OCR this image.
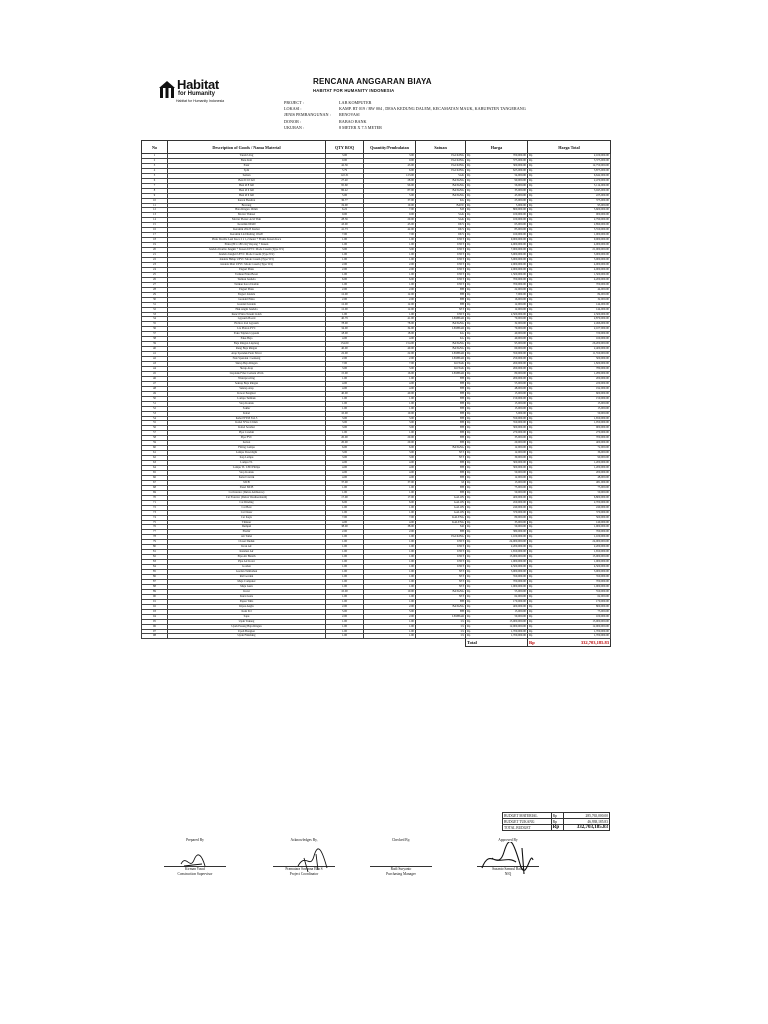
Habitat
for Humanity
Habitat for Humanity Indonesia
RENCANA ANGGARAN BIAYA
HABITAT FOR HUMANITY INDONESIA
PROJECT :	LAB KOMPUTER
LOKASI :	KAMP. RT 019 / RW 004 , DESA KEDUNG DALEM, KECAMATAN MAUK, KABUPATEN TANGERANG
JENIS PEMBANGUNAN :	RENOVASI
DONOR :	RABAO BANK
UKURAN :	8 METER X 7.5 METER
No	Description of Goods / Nama Material	QTY BOQ	Quantity/Pembulatan	Satuan	Harga	Harga Total
1	Tanah Urug	3.00	3.00	PACKING	Rp 700,000.00	Rp 2,100,000.00
2	Batu Kali	9.00	9.00	PACKING	Rp 375,000.00	Rp 3,375,000.00
3	Pasir	42.56	43.00	PACKING	Rp 300,000.00	Rp 12,750,000.00
4	Split	5.79	6.00	PACKING	Rp 625,000.00	Rp 3,875,000.00
5	Semen	122.31	123.00	SAK	Rp 54,000.00	Rp 6,642,000.00
6	Besi D 10 full	27.40	28.00	BATANG	Rp 90,000.00	Rp 2,470,000.00
7	Besi Ø 8 full	95.60	96.00	BATANG	Rp 56,000.00	Rp 5,114,000.00
8	Besi Ø 6 full	86.42	87.00	BATANG	Rp 35,000.00	Rp 3,045,000.00
9	Besi Ø 6 full	5.00	5.00	BATANG	Rp 45,000.00	Rp 225,000.00
10	Kawat Bendrat	36.77	37.00	KG	Rp 25,000.00	Rp 375,000.00
11	Bowang	19.00	19.00	BATU	Rp 5,000.00	Rp 95,000.00
12	Bata Ringan 10mm	6.22	7.00	M3	Rp 800,000.00	Rp 5,600,000.00
13	Mortar Thinset	9.00	9.00	SAK	Rp 100,000.00	Rp 900,000.00
14	Mortar Plester Acid Thin	28.56	29.00	SAK	Rp 100,000.00	Rp 2,790,000.00
15	Keramik 60x60	43.00	43.00	DUS	Rp 65,000.00	Rp 2,899,000.00
16	Keramik 20x25 Kamar	41.73	42.00	DUS	Rp 85,000.00	Rp 3,550,000.00
17	Keramik Lis Dinding 10x20	7.00	7.00	DUS	Rp 160,000.00	Rp 1,000,000.00
18	Pintu Double Leaf Kaca 2 x 1,2 meter + Frame Kusen Kaca	1.00	1.00	UNIT	Rp 9,000,000.00	Rp 9,000,000.00
19	Pintu (80 x 180 cm) Wayang + Kusen	1.00	1.00	UNIT	Rp 4,000,000.00	Rp 4,000,000.00
20	Jendela Double Jungkit + Kusen UPVC Mode Casem (Type W1)	3.00	3.00	UNIT	Rp 7,000,000.00	Rp 21,000,000.00
21	Jendela Jungkit UPVC Mode Casem (Type W2)	1.00	1.00	UNIT	Rp 3,000,000.00	Rp 3,000,000.00
22	Jendela Hidup UPVC Mode Casem (Type W3)	1.00	1.00	UNIT	Rp 3,000,000.00	Rp 3,000,000.00
23	Jendela Mati UPVC Mode Casem (Type W4)	2.00	2.00	UNIT	Rp 2,000,000.00	Rp 4,000,000.00
24	Engsel Pintu	2.00	2.00	UNIT	Rp 2,000,000.00	Rp 4,000,000.00
25	Tarikan Pintu Besar	1.00	1.00	UNIT	Rp 1,500,000.00	Rp 1,500,000.00
26	Tarikan Jendela	6.00	6.00	UNIT	Rp 700,000.00	Rp 4,200,000.00
27	Tarikan Kaca Double	1.00	1.00	UNIT	Rp 700,000.00	Rp 700,000.00
28	Engsel Pintu	2.00	2.00	BH	Rp 22,000.00	Rp 44,000.00
29	Engsel Jendela	12.00	12.00	BH	Rp 7,000.00	Rp 84,000.00
30	Grendel Pintu	2.00	2.00	BH	Rp 16,000.00	Rp 32,000.00
31	Grendel Jendela	12.00	12.00	BH	Rp 12,000.00	Rp 144,000.00
32	Hak Angin Jendela	12.00	12.00	SET	Rp 12,000.00	Rp 144,000.00
33	Kunci Pintu Tanam Lidah	1.00	1.00	UNIT	Rp 2,500,000.00	Rp 2,500,000.00
34	Gypsum Board	40.79	41.00	LEMBAR	Rp 70,000.00	Rp 2,870,000.00
35	Hollow 4x4 Gypsum	78.00	78.00	BATANG	Rp 32,000.00	Rp 2,496,000.00
36	Lis Plafon PVC	34.00	34.00	LEMBAR	Rp 70,000.00	Rp 2,107,000.00
37	Paku Triplek Gypsum	18.00	18.00	KG	Rp 40,000.00	Rp 720,000.00
38	Paku Baja	4.00	4.00	KG	Rp 40,000.00	Rp 160,000.00
39	Baja Ringan Lisplang	154.00	154.00	BATANG	Rp 95,000.00	Rp 26,200,000.00
40	Reng Baja Ringan	40.00	40.00	BATANG	Rp 60,000.00	Rp 2,400,000.00
41	Atap Spandek Pasir Silver	22.00	22.00	LEMBAR	Rp 350,000.00	Rp 11,550,000.00
42	Nok Spandek / Genteng	2.00	2.00	LEMBAR	Rp 250,000.00	Rp 500,000.00
43	Skrup Baja Ringan	7.00	7.00	KOTAK	Rp 260,000.00	Rp 1,820,000.00
44	Skrup Atap	3.00	3.00	KOTAK	Rp 260,000.00	Rp 780,000.00
45	Lisplank Fiber Cement 20cm	15.00	16.00	LEMBAR	Rp 80,000.00	Rp 1,280,000.00
46	Waterproofing	1.00	1.00	BH	Rp 200,000.00	Rp 200,000.00
47	Sekrup Baja Ringan	4.00	4.00	BH	Rp 55,000.00	Rp 220,000.00
48	Sekrup Atap	4.00	4.00	BH	Rp 48,000.00	Rp 192,000.00
49	Kawat Pengikat	40.00	40.00	BH	Rp 15,000.00	Rp 600,000.00
50	Lampu Tembak	1.00	1.00	BH	Rp 150,000.00	Rp 150,000.00
51	Stop Kontak	1.00	1.00	BH	Rp 15,000.00	Rp 15,000.00
52	Saklar	1.00	1.00	BH	Rp 15,000.00	Rp 15,000.00
53	Kabel	10.00	10.00	BH	Rp 5,000.00	Rp 50,000.00
54	Kabel NYM 3x2.5	3.00	3.00	BH	Rp 550,000.00	Rp 1,650,000.00
55	Kabel NYA 2.5mm	3.00	3.00	BH	Rp 350,000.00	Rp 1,050,000.00
56	Kabel Serabut	3.00	3.00	BH	Rp 300,000.00	Rp 900,000.00
57	Pipa Conduit	1.00	1.00	BH	Rp 270,000.00	Rp 270,000.00
58	Pipa PVC	20.00	20.00	BH	Rp 35,000.00	Rp 700,000.00
59	Isolasi	20.00	20.00	BH	Rp 20,000.00	Rp 400,000.00
60	Fitting Lampu	6.00	6.00	BATANG	Rp 12,000.00	Rp 72,000.00
61	Lampu Downlight	3.00	3.00	SET	Rp 12,000.00	Rp 36,000.00
62	Kap Lampu	3.00	3.00	SET	Rp 30,000.00	Rp 90,000.00
63	Lampu TL	4.00	4.00	BH	Rp 300,000.00	Rp 1,200,000.00
64	Lampu TL LED Philips	4.00	4.00	BH	Rp 300,000.00	Rp 1,200,000.00
65	Stop Kontak	4.00	4.00	BH	Rp 50,000.00	Rp 200,000.00
66	Kabel Listrik	4.00	4.00	BH	Rp 12,000.00	Rp 48,000.00
67	MCB	37.00	37.00	M	Rp 13,000.00	Rp 481,000.00
68	Panel MCB	1.00	1.00	BH	Rp 75,000.00	Rp 75,000.00
69	Cat Interior (Dulux Ambience)	1.00	1.00	BH	Rp 50,000.00	Rp 50,000.00
70	Cat Exterior (Dulux Weathershield)	17.00	17.00	GALON	Rp 400,000.00	Rp 6,800,000.00
71	Cat Dinding	6.00	6.00	GALON	Rp 450,000.00	Rp 2,700,000.00
72	Cat Besi	1.00	1.00	GALON	Rp 240,000.00	Rp 240,000.00
73	Cat Dasar	1.00	1.00	GALON	Rp 370,000.00	Rp 370,000.00
74	Cat Kayu	7.00	7.00	KALENG	Rp 80,000.00	Rp 560,000.00
75	Thinner	4.00	4.00	KALENG	Rp 35,000.00	Rp 140,000.00
76	Dempul	38.00	38.00	M2	Rp 50,000.00	Rp 1,900,000.00
77	Plamir	2.00	2.00	BH	Rp 380,000.00	Rp 760,000.00
78	Air Toilet	1.00	1.00	PACKING	Rp 1,100,000.00	Rp 1,100,000.00
79	Closet Duduk	1.00	1.00	UNIT	Rp 24,000,000.00	Rp 24,000,000.00
80	Kran Air	1.00	1.00	UNIT	Rp 2,200,000.00	Rp 2,200,000.00
81	Instalasi Air	1.00	1.00	UNIT	Rp 1,650,000.00	Rp 1,650,000.00
82	Pipa Air Bersih	1.00	1.00	UNIT	Rp 15,000,000.00	Rp 15,000,000.00
83	Pipa Air Kotor	1.00	1.00	UNIT	Rp 1,000,000.00	Rp 1,000,000.00
84	Gorden	1.00	1.00	UNIT	Rp 4,500,000.00	Rp 4,500,000.00
85	Gorden Tambahan	1.00	1.00	SET	Rp 3,000,000.00	Rp 3,000,000.00
86	Rel Gorden	1.00	1.00	SET	Rp 350,000.00	Rp 350,000.00
87	Meja Computer	1.00	1.00	SET	Rp 700,000.00	Rp 700,000.00
88	Meja Guru	1.00	1.00	SET	Rp 1,000,000.00	Rp 1,000,000.00
89	Kursi	10.00	10.00	BATANG	Rp 55,000.00	Rp 550,000.00
90	Kursi Guru	1.00	1.00	SET	Rp 62,000.00	Rp 62,000.00
91	Papan Tulis	1.00	1.00	BH	Rp 170,000.00	Rp 170,000.00
92	Kipas Angin	2.00	2.00	BATANG	Rp 400,000.00	Rp 800,000.00
93	Kain Pel	5.00	5.00	BH	Rp 15,000.00	Rp 75,000.00
94	Sapu	2.00	2.00	LEMBAR	Rp 50,000.00	Rp 100,000.00
95	Upah Tukang	1.00	1.00	LS	Rp 15,000,000.00	Rp 15,000,000.00
96	Upah Pasang Baja Ringan	1.00	1.00	LS	Rp 12,000,000.00	Rp 12,000,000.00
97	Upah Bongkar	1.00	1.00	LS	Rp 1,700,000.00	Rp 1,700,000.00
98	Upah Finishing	1.00	1.00	LS	Rp 1,700,000.00	Rp 1,700,000.00
					Total	Rp 332,703,185.83
BUDGET MATERIAL	Rp	285,765,000.00
BUDGET TUKANG	Rp	46,938,185.83
TOTAL BUDGET	Rp	332,703,185.83
Prepared By
Kirman Yusuf
Construction Supervisor
Acknowledges By,
Pramutara Savanna Eka S
Project Coordinator
Checked By,
Radi Suryanto
Purchasing Manager
Approved By
Susanto Samsul Bahri
NIQ
